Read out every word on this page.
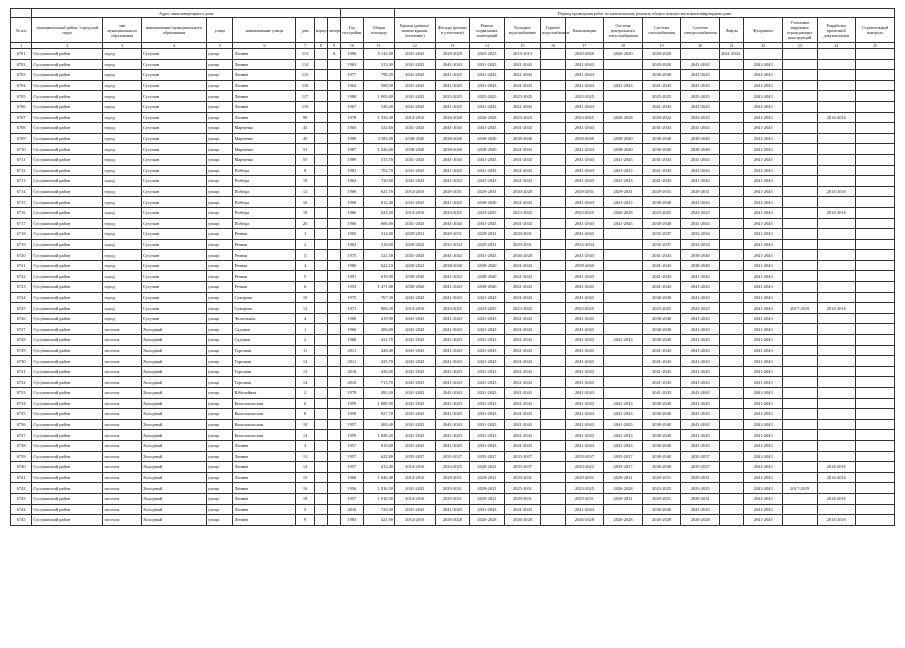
	Адрес многоквартирного дома										Период проведения работ по капитальному ремонту общего имущества в многоквартирном доме													
№ п/п	муниципальный район / городской округ	тип муниципального образования	наименование муниципального образования	улица	наименование улицы	дом	корпус	литера	Год постройки	Общая площадь	Кровля (ремонт/замена крыши, утепление)	Фасады (ремонт и утепление)	Ремонт подвальных помещений	Холодное водоснабжение	Горячее водоснабжение	Канализация	Система центрального теплоснабжения	Система газоснабжения	Система электроснабжения	Лифты	Фундамент	Утепление наружных ограждающих конструкций	Разработка проектной документации	Строительный контроль
1	2	3	4	5	6	7	8	9	10	11	12	13	14	15	16	17	18	19	20	21	22	23	24	25
6701	Сусуманский район	город	Сусуман	улица	Ленина	113		А	1996	5 142,00	2041-2043	2029-2029	2025-2025	2013-2013		2020-2020	2020-2020	2020-2020		2041-2043				
6702	Сусуманский район	город	Сусуман	улица	Ленина	114			1963	313,30	2041-2043	2041-2043	2041-2043	2041-2043		2041-2043		2020-2020	2041-2043		2041-2043			
6703	Сусуманский район	город	Сусуман	улица	Ленина	115			1977	798,20	2041-2043	2041-2043	2041-2043	2041-2043		2041-2043		2038-2040	2041-2043		2041-2043			
6704	Сусуманский район	город	Сусуман	улица	Ленина	116			1962	588,50	2041-2043	2041-2043	2041-2043	2041-2043		2041-2043	2041-2043	2041-2043	2041-2043		2041-2043			
6705	Сусуманский район	город	Сусуман	улица	Ленина	117			1980	1 003,00	2041-2043	2025-2025	2025-2025	2025-2025		2025-2025		2025-2025	2025-2025		2041-2043			
6706	Сусуманский район	город	Сусуман	улица	Ленина	119			1967	520,20	2041-2043	2041-2043	2041-2043	2041-2043		2041-2043		2041-2043	2041-2043		2041-2043			
6707	Сусуманский район	город	Сусуман	улица	Ленина	90			1978	1 333,30	2014-2016	2026-2028	2026-2028	2023-2023		2023-2025	2026-2028	2020-2022	2023-2025		2041-2043		2014-2016	
6708	Сусуманский район	город	Сусуман	улица	Марченко	43			1965	332,60	2041-2043	2041-2043	2041-2043	2041-2043		2041-2043		2041-2043	2041-2043		2041-2043			
6709	Сусуманский район	город	Сусуман	улица	Марченко	45			1989	3 583,00	2038-2040	2038-2040	2038-2040	2038-2040		2038-2040	2038-2040	2038-2040	2038-2040		2041-2043			
6710	Сусуманский район	город	Сусуман	улица	Марченко	51			1987	1 326,60	2038-2040	2038-2040	2038-2040	2041-2043		2041-2043	2038-2040	2038-2040	2038-2040		2041-2043			
6711	Сусуманский район	город	Сусуман	улица	Марченко	55			1989	313,70	2041-2043	2041-2043	2041-2043	2041-2043		2041-2043	2041-2043	2041-2043	2041-2043		2041-2043			
6712	Сусуманский район	город	Сусуман	улица	Победы	8			1981	702,70	2041-2043	2041-2043	2041-2043	2041-2043		2041-2043	2041-2043	2041-2043	2041-2043		2041-2043			
6713	Сусуманский район	город	Сусуман	улица	Победы	10			1962	720,60	2041-2043	2041-2043	2041-2043	2041-2043		2041-2043	2041-2043	2041-2043	2041-2043		2041-2043			
6714	Сусуманский район	город	Сусуман	улица	Победы	12			1969	621,70	2014-2016	2029-2031	2029-2031	2020-2020		2029-2031	2029-2031	2029-2031	2029-2031		2041-2043		2014-2016	
6715	Сусуманский район	город	Сусуман	улица	Победы	16			1969	612,40	2041-2043	2041-2043	2038-2040	2041-2043		2041-2043	2041-2043	2038-2040	2041-2043		2041-2043			
6716	Сусуманский район	город	Сусуман	улица	Победы	18			1966	623,50	2014-2016	2023-2025	2023-2025	2023-2025		2023-2025	2026-2028	2023-2025	2023-2025		2041-2043		2014-2016	
6717	Сусуманский район	город	Сусуман	улица	Победы	20			1966	606,00	2041-2043	2041-2043	2041-2043	2041-2043		2041-2043	2041-2043	2038-2040	2041-2043		2041-2043			
6718	Сусуманский район	город	Сусуман	улица	Речная	1			1965	314,00	2029-2031	2029-2031	2029-2031	2029-2031		2041-2043		2035-2037	2032-2034		2041-2043			
6719	Сусуманский район	город	Сусуман	улица	Речная	2			1963	318,00	2020-2022	2032-2034	2029-2031	2029-2031		2032-2034		2035-2037	2032-2034		2041-2043			
6720	Сусуманский район	город	Сусуман	улица	Речная	3			1975	321,30	2041-2043	2041-2043	2041-2043	2026-2028		2041-2043		2041-2043	2038-2040		2041-2043			
6721	Сусуманский район	город	Сусуман	улица	Речная	4			1986	622,10	2020-2022	2038-2040	2038-2040	2041-2043		2038-2040		2041-2043	2038-2040		2041-2043			
6722	Сусуманский район	город	Сусуман	улица	Речная	5			1991	619,00	2038-2040	2041-2043	2038-2040	2041-2043		2041-2043		2041-2043	2041-2043		2041-2043			
6723	Сусуманский район	город	Сусуман	улица	Речная	6			1953	1 471,00	2038-2040	2041-2043	2038-2040	2041-2043		2041-2043		2041-2043	2041-2043		2041-2043			
6724	Сусуманский район	город	Сусуман	улица	Суворова	10			1975	767,30	2041-2043	2041-2043	2041-2043	2041-2043		2041-2043		2038-2040	2041-2043		2041-2043			
6725	Сусуманский район	город	Сусуман	улица	Суворова	12			1971	808,30	2014-2016	2023-2025	2023-2025	2023-2025		2023-2025		2023-2025	2023-2025		2041-2043	2017-2019	2014-2016	
6726	Сусуманский район	город	Сусуман	улица	Челюскина	4			1969	419,90	2041-2043	2041-2043	2041-2043	2041-2043		2041-2043		2038-2040	2041-2043		2041-2043			
6727	Сусуманский район	поселок	Холодный	улица	Садовая	1			1966	406,00	2041-2043	2041-2043	2041-2043	2041-2043		2041-2043		2038-2040	2041-2043		2041-2043			
6728	Сусуманский район	поселок	Холодный	улица	Садовая	2			1968	421,70	2041-2043	2041-2043	2041-2043	2041-2043		2041-2043	2041-2043	2038-2040	2041-2043		2041-2043			
6729	Сусуманский район	поселок	Холодный	улица	Торговая	11			2011	428,40	2041-2043	2041-2043	2041-2043	2041-2043		2041-2043		2041-2043	2041-2043		2041-2043			
6730	Сусуманский район	поселок	Холодный	улица	Торговая	12			2011	425,70	2041-2043	2041-2043	2041-2043	2041-2043		2041-2043		2041-2043	2041-2043		2041-2043			
6731	Сусуманский район	поселок	Холодный	улица	Торговая	13			2010	426,90	2041-2043	2041-2043	2041-2043	2041-2043		2041-2043		2041-2043	2041-2043		2041-2043			
6732	Сусуманский район	поселок	Холодный	улица	Торговая	14			2010	713,70	2041-2043	2041-2043	2041-2043	2041-2043		2041-2043		2041-2043	2041-2043		2041-2043			
6733	Сусуманский район	поселок	Холодный	улица	Юбилейная	2			1978	495,20	2041-2043	2041-2043	2041-2043	2041-2043		2041-2043		2041-2043	2041-2043		2041-2043			
6734	Сусуманский район	поселок	Холодный	улица	Комсомольская	6			1959	1 800,90	2041-2043	2041-2043	2041-2043	2041-2043		2041-2043	2041-2043	2038-2040	2041-2043		2041-2043			
6735	Сусуманский район	поселок	Холодный	улица	Комсомольская	8			1958	927,70	2041-2043	2041-2043	2041-2043	2041-2043		2041-2043	2041-2043	2038-2040	2041-2043		2041-2043			
6736	Сусуманский район	поселок	Холодный	улица	Комсомольская	10			1957	469,40	2041-2043	2041-2043	2041-2043	2041-2043		2041-2043	2041-2043	2038-2040	2041-2043		2041-2043			
6737	Сусуманский район	поселок	Холодный	улица	Комсомольская	14			1959	1 828,20	2041-2043	2041-2043	2041-2043	2041-2043		2041-2043	2041-2043	2038-2040	2041-2043		2041-2043			
6738	Сусуманский район	поселок	Холодный	улица	Ленина	3			1957	810,60	2041-2043	2041-2043	2041-2043	2041-2043		2041-2043	2041-2043	2038-2040	2041-2043		2041-2043			
6739	Сусуманский район	поселок	Холодный	улица	Ленина	13			1957	622,80	2035-2037	2035-2037	2035-2037	2035-2037		2035-2037	2035-2037	2038-2040	2035-2037		2041-2043			
6740	Сусуманский район	поселок	Холодный	улица	Ленина	14			1957	413,40	2014-2016	2023-2025	2020-2022	2035-2037		2020-2022	2035-2037	2038-2040	2035-2037		2041-2043		2014-2016	
6741	Сусуманский район	поселок	Холодный	улица	Ленина	15			1960	1 040,40	2014-2016	2029-2031	2029-2031	2029-2031		2029-2031	2029-2031	2029-2031	2029-2031		2041-2043		2014-2016	
6742	Сусуманский район	поселок	Холодный	улица	Ленина	16			1956	1 816,50	2041-2043	2029-2031	2029-2031	2025-2031		2023-2025	2026-2028	2023-2025	2023-2025		2041-2043	2017-2019		
6743	Сусуманский район	поселок	Холодный	улица	Ленина	18			1957	1 010,50	2014-2016	2029-2031	2029-2031	2029-2031		2029-2031	2029-2031	2029-2031	2029-2031		2041-2043		2014-2016	
6744	Сусуманский район	поселок	Холодный	улица	Ленина	5			2016	720,00	2041-2043	2041-2043	2041-2043	2041-2043		2041-2043		2038-2040	2041-2043		2041-2043			
6745	Сусуманский район	поселок	Холодный	улица	Ленина	9			1983	421,90	2014-2016	2026-2028	2026-2028	2026-2028		2026-2028	2026-2028	2026-2028	2026-2028		2041-2043		2014-2016	
